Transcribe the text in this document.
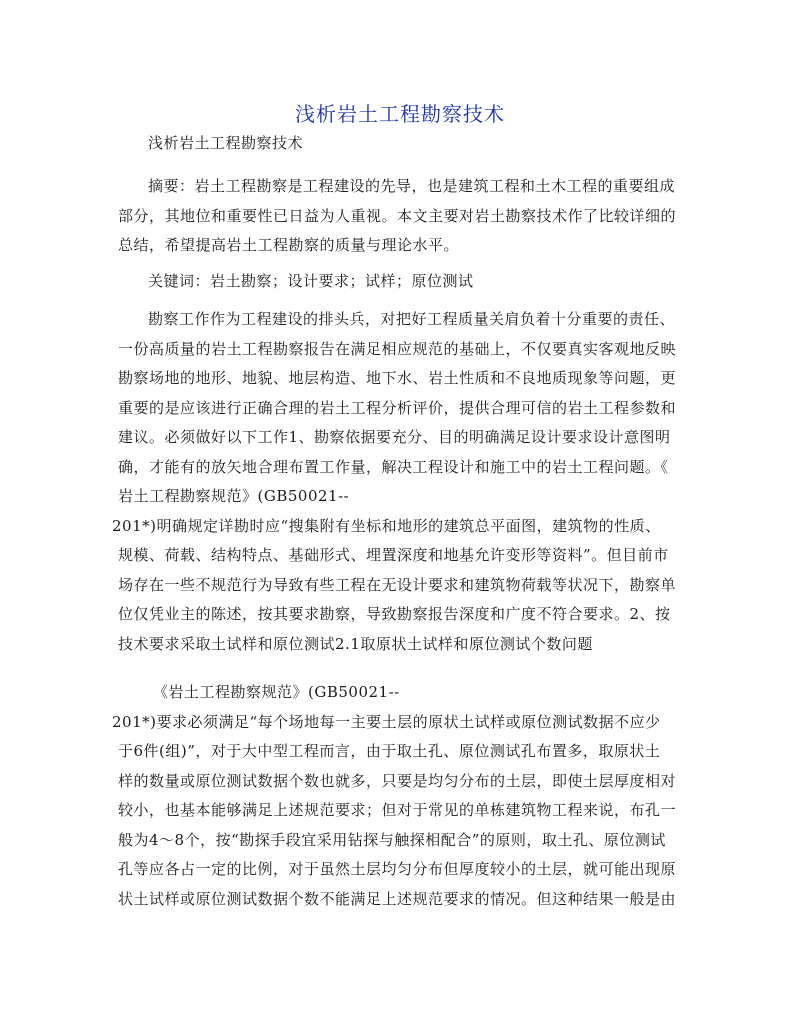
浅析岩土工程勘察技术
浅析岩土工程勘察技术
摘要：岩土工程勘察是工程建设的先导，也是建筑工程和土木工程的重要组成
部分，其地位和重要性已日益为人重视。本文主要对岩土勘察技术作了比较详细的
总结，希望提高岩土工程勘察的质量与理论水平。
关键词：岩土勘察；设计要求；试样；原位测试
勘察工作作为工程建设的排头兵，对把好工程质量关肩负着十分重要的责任、
一份高质量的岩土工程勘察报告在满足相应规范的基础上，不仅要真实客观地反映
勘察场地的地形、地貌、地层构造、地下水、岩土性质和不良地质现象等问题，更
重要的是应该进行正确合理的岩土工程分析评价，提供合理可信的岩土工程参数和
建议。必须做好以下工作1、勘察依据要充分、目的明确满足设计要求设计意图明
确，才能有的放矢地合理布置工作量，解决工程设计和施工中的岩土工程问题。《
岩土工程勘察规范》(GB50021--
201*)明确规定详勘时应“搜集附有坐标和地形的建筑总平面图，建筑物的性质、
规模、荷载、结构特点、基础形式、埋置深度和地基允许变形等资料”。但目前市
场存在一些不规范行为导致有些工程在无设计要求和建筑物荷载等状况下，勘察单
位仅凭业主的陈述，按其要求勘察，导致勘察报告深度和广度不符合要求。2、按
技术要求采取土试样和原位测试2.1取原状土试样和原位测试个数问题
《岩土工程勘察规范》(GB50021--
201*)要求必须满足“每个场地每一主要土层的原状土试样或原位测试数据不应少
于6件(组)”，对于大中型工程而言，由于取土孔、原位测试孔布置多，取原状土
样的数量或原位测试数据个数也就多，只要是均匀分布的土层，即使土层厚度相对
较小，也基本能够满足上述规范要求；但对于常见的单栋建筑物工程来说，布孔一
般为4～8个，按“勘探手段宜采用钻探与触探相配合”的原则，取土孔、原位测试
孔等应各占一定的比例，对于虽然土层均匀分布但厚度较小的土层，就可能出现原
状土试样或原位测试数据个数不能满足上述规范要求的情况。但这种结果一般是由
